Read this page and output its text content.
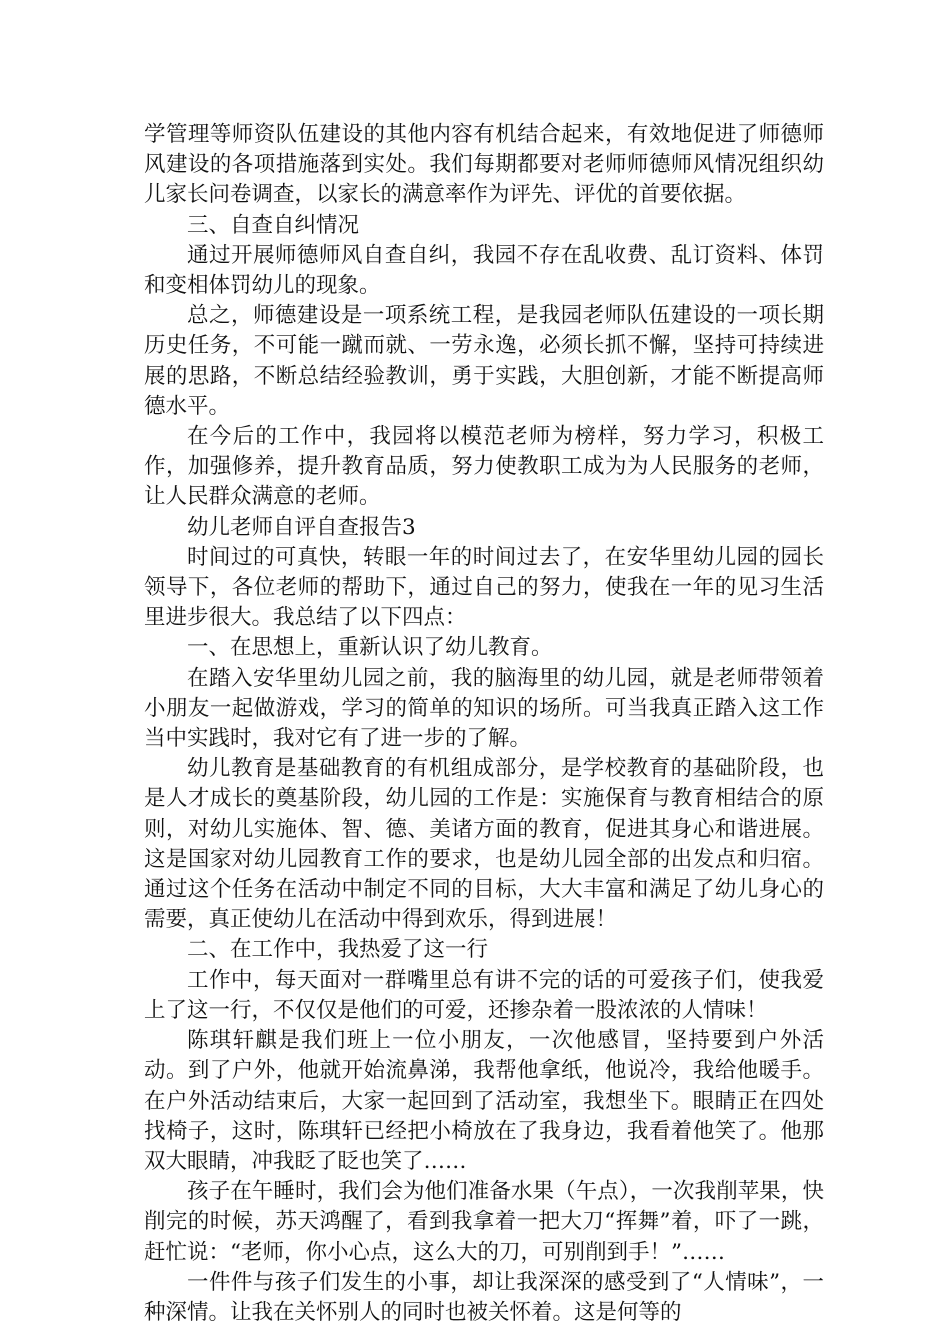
学管理等师资队伍建设的其他内容有机结合起来，有效地促进了师德师风建设的各项措施落到实处。我们每期都要对老师师德师风情况组织幼儿家长问卷调查，以家长的满意率作为评先、评优的首要依据。

三、自查自纠情况

通过开展师德师风自查自纠，我园不存在乱收费、乱订资料、体罚和变相体罚幼儿的现象。

总之，师德建设是一项系统工程，是我园老师队伍建设的一项长期历史任务，不可能一蹴而就、一劳永逸，必须长抓不懈，坚持可持续进展的思路，不断总结经验教训，勇于实践，大胆创新，才能不断提高师德水平。

在今后的工作中，我园将以模范老师为榜样，努力学习，积极工作，加强修养，提升教育品质，努力使教职工成为为人民服务的老师，让人民群众满意的老师。

幼儿老师自评自查报告3

时间过的可真快，转眼一年的时间过去了，在安华里幼儿园的园长领导下，各位老师的帮助下，通过自己的努力，使我在一年的见习生活里进步很大。我总结了以下四点：

一、在思想上，重新认识了幼儿教育。

在踏入安华里幼儿园之前，我的脑海里的幼儿园，就是老师带领着小朋友一起做游戏，学习的简单的知识的场所。可当我真正踏入这工作当中实践时，我对它有了进一步的了解。

幼儿教育是基础教育的有机组成部分，是学校教育的基础阶段，也是人才成长的奠基阶段，幼儿园的工作是：实施保育与教育相结合的原则，对幼儿实施体、智、德、美诸方面的教育，促进其身心和谐进展。这是国家对幼儿园教育工作的要求，也是幼儿园全部的出发点和归宿。通过这个任务在活动中制定不同的目标，大大丰富和满足了幼儿身心的需要，真正使幼儿在活动中得到欢乐，得到进展！

二、在工作中，我热爱了这一行

工作中，每天面对一群嘴里总有讲不完的话的可爱孩子们，使我爱上了这一行，不仅仅是他们的可爱，还掺杂着一股浓浓的人情味！

陈琪轩麒是我们班上一位小朋友，一次他感冒，坚持要到户外活动。到了户外，他就开始流鼻涕，我帮他拿纸，他说冷，我给他暖手。在户外活动结束后，大家一起回到了活动室，我想坐下。眼睛正在四处找椅子，这时，陈琪轩已经把小椅放在了我身边，我看着他笑了。他那双大眼睛，冲我眨了眨也笑了……

孩子在午睡时，我们会为他们准备水果（午点），一次我削苹果，快削完的时候，苏天鸿醒了，看到我拿着一把大刀“挥舞”着，吓了一跳，赶忙说：“老师，你小心点，这么大的刀，可别削到手！”……

一件件与孩子们发生的小事，却让我深深的感受到了“人情味”，一种深情。让我在关怀别人的同时也被关怀着。这是何等的
